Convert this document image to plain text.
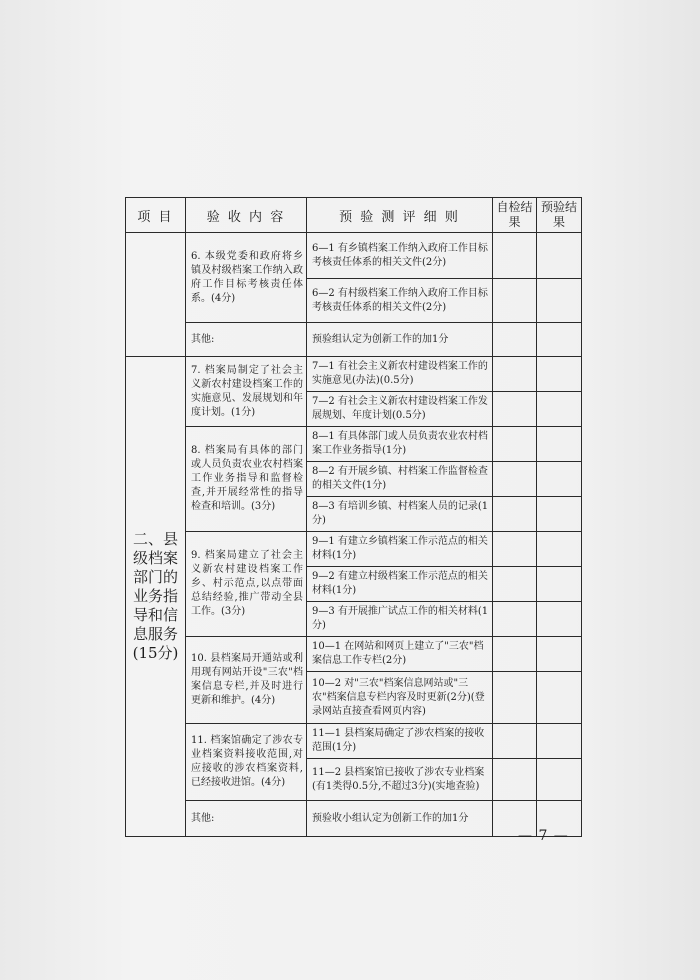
项 目	验 收 内 容	预 验 测 评 细 则	自检结果	预验结果
	6. 本级党委和政府将乡镇及村级档案工作纳入政府工作目标考核责任体系。(4分)	6—1 有乡镇档案工作纳入政府工作目标考核责任体系的相关文件(2分)		
		6—2 有村级档案工作纳入政府工作目标考核责任体系的相关文件(2分)		
	其他:	预验组认定为创新工作的加1分		
二、县级档案部门的业务指导和信息服务(15分)	7. 档案局制定了社会主义新农村建设档案工作的实施意见、发展规划和年度计划。(1分)	7—1 有社会主义新农村建设档案工作的实施意见(办法)(0.5分)		
		7—2 有社会主义新农村建设档案工作发展规划、年度计划(0.5分)		
	8. 档案局有具体的部门或人员负责农业农村档案工作业务指导和监督检查,并开展经常性的指导检查和培训。(3分)	8—1 有具体部门或人员负责农业农村档案工作业务指导(1分)		
		8—2 有开展乡镇、村档案工作监督检查的相关文件(1分)		
		8—3 有培训乡镇、村档案人员的记录(1分)		
	9. 档案局建立了社会主义新农村建设档案工作乡、村示范点,以点带面总结经验,推广带动全县工作。(3分)	9—1 有建立乡镇档案工作示范点的相关材料(1分)		
		9—2 有建立村级档案工作示范点的相关材料(1分)		
		9—3 有开展推广试点工作的相关材料(1分)		
	10. 县档案局开通站或利用现有网站开设"三农"档案信息专栏,并及时进行更新和维护。(4分)	10—1 在网站和网页上建立了"三农"档案信息工作专栏(2分)		
		10—2 对"三农"档案信息网站或"三农"档案信息专栏内容及时更新(2分)(登录网站直接查看网页内容)		
	11. 档案馆确定了涉农专业档案资料接收范围,对应接收的涉农档案资料,已经接收进馆。(4分)	11—1 县档案局确定了涉农档案的接收范围(1分)		
		11—2 县档案馆已接收了涉农专业档案(有1类得0.5分,不超过3分)(实地查验)		
	其他:	预验收小组认定为创新工作的加1分		
— 7 —
